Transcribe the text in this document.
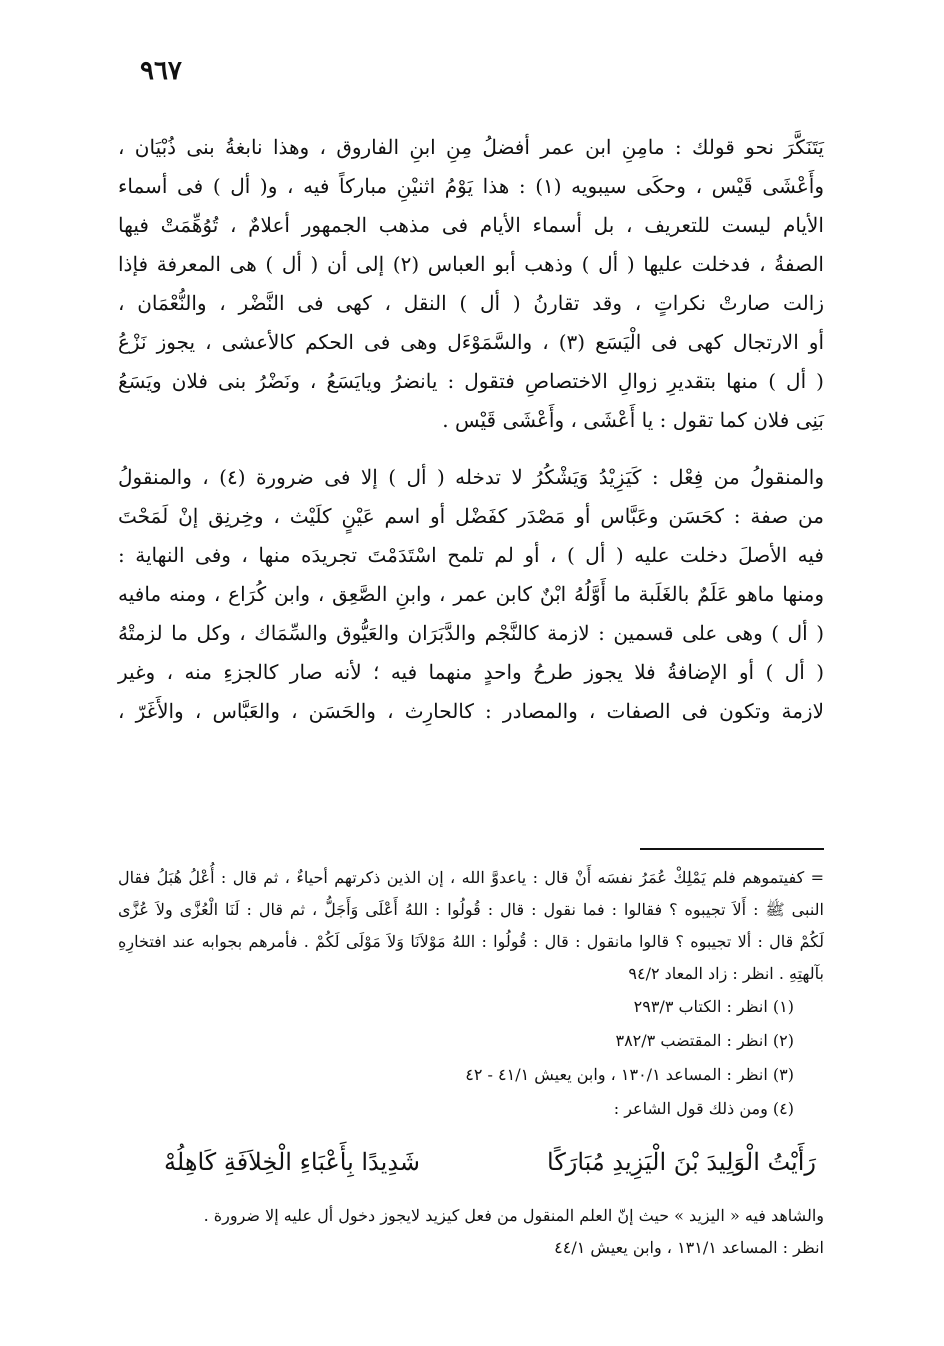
٩٦٧
يَتَنَكَّرَ نحو قولك : مامِنِ ابن عمر أفضلُ مِنِ ابنِ الفاروق ، وهذا نابغةُ بنى ذُبْيَان ،
وأَعْشَى قَيْس ، وحكَى سيبويه (١) : هذا يَوْمُ اثنيْنِ مباركاً فيه ، و( أل ) فى أسماء
الأيام ليست للتعريف ، بل أسماء الأيام فى مذهب الجمهور أعلامٌ ، تُوُهِّمَتْ فيها
الصفةُ ، فدخلت عليها ( أل ) وذهب أبو العباس (٢) إلى أن ( أل ) هى المعرفة فإذا
زالت صارتْ نكراتٍ ، وقد تقارنُ ( أل ) النقل ، كهى فى النَّضْر ، والنُّعْمَان ،
أو الارتجال كهى فى الْيَسَع (٣) ، والسَّمَوْءَل وهى فى الحكم كالأعشى ، يجوز نَزْعُ
( أل ) منها بتقديرِ زوالِ الاختصاصِ فتقول : يانضرُ ويايَسَعُ ، ونَضْرُ بنى فلان ويَسَعُ
بَنِى فلان كما تقول : يا أَعْشَى ، وأَعْشَى قَيْس .
والمنقولُ من فِعْل : كَيَزِيْدُ وَيَشْكُرُ لا تدخله ( أل ) إلا فى ضرورة (٤) ، والمنقولُ
من صفة : كحَسَن وعَبَّاس أو مَصْدَر كفَضْل أو اسم عَيْنٍ كلَيْث ، وخِرنِق إنْ لَمَحْتَ
فيه الأصلَ دخلت عليه ( أل ) ، أو لم تلمح اسْتَدَمْتَ تجريدَه منها ، وفى النهاية :
ومنها ماهو عَلَمٌ بالغَلَبة ما أَوَّلُهُ ابْنٌ كابن عمر ، وابنِ الصَّعِق ، وابن كُرَاع ، ومنه مافيه
( أل ) وهى على قسمين : لازمة كالنَّجْم والدَّبَرَان والعَيُّوق والسِّمَاك ، وكل ما لزمتْهُ
( أل ) أو الإضافةُ فلا يجوز طرحُ واحدٍ منهما فيه ؛ لأنه صار كالجزءِ منه ، وغير
لازمة وتكون فى الصفات ، والمصادر : كالحارِث ، والحَسَن ، والعَبَّاس ، والأَغَرّ ،
= كفيتموهم فلم يَمْلِكْ عُمَرُ نفسَه أَنْ قال : ياعدوَّ الله ، إن الذين ذكرتهم أحياءٌ ، ثم قال : أُعْلُ هُبَلُ فقال
النبى ﷺ : أَلاَ تجيبوه ؟ فقالوا : فما نقول : قال : قُولُوا : اللهُ أَعْلَى وَأَجَلُّ ، ثم قال : لَنَا الْعُزَّى ولاَ عُزَّى
لَكُمْ قال : ألا تجيبوه ؟ قالوا مانقول : قال : قُولُوا : اللهُ مَوْلاَنَا وَلاَ مَوْلَى لَكُمْ . فأمرهم بجوابه عند افتخارِهِ
بآلهتِهِ . انظر : زاد المعاد ٩٤/٢
(١) انظر : الكتاب ٢٩٣/٣
(٢) انظر : المقتضب ٣٨٢/٣
(٣) انظر : المساعد ١٣٠/١ ، وابن يعيش ٤١/١ - ٤٢
(٤) ومن ذلك قول الشاعر :
رَأَيْتُ الْوَلِيدَ بْنَ الْيَزِيدِ مُبَارَكًا
شَدِيدًا بِأَعْبَاءِ الْخِلاَفَةِ كَاهِلُهْ
والشاهد فيه « اليزيد » حيث إنّ العلم المنقول من فعل كيزيد لايجوز دخول أل عليه إلا ضرورة .
انظر : المساعد ١٣١/١ ، وابن يعيش ٤٤/١
